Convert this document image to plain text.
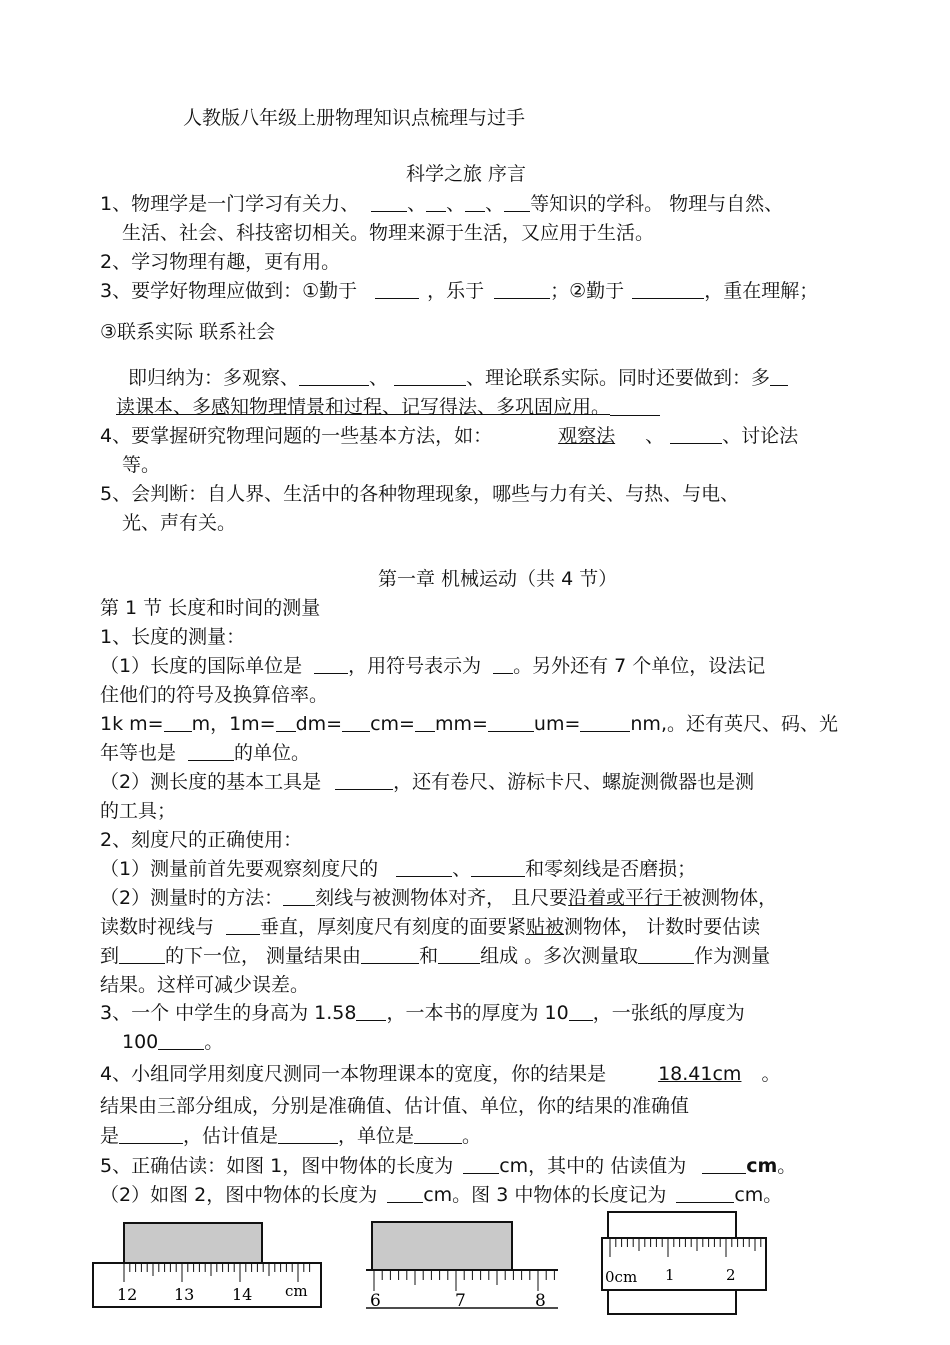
人教版八年级上册物理知识点梳理与过手
科学之旅 序言
1、物理学是一门学习有关力、	、 、 、 等知识的学科。 物理与自然、
生活、社会、科技密切相关。物理来源于生活，又应用于生活。
2、学习物理有趣，更有用。
3、要学好物理应做到：①勤于	，乐于	；②勤于	，重在理解；
③联系实际 联系社会
即归纳为：多观察、	、	、理论联系实际。同时还要做到：多
读课本、多感知物理情景和过程、记写得法、多巩固应用。
4、要掌握研究物理问题的一些基本方法，如：	观察法 、	、讨论法
等。
5、会判断：自人界、生活中的各种物理现象，哪些与力有关、与热、与电、
光、声有关。
第一章 机械运动（共 4 节）
第 1 节 长度和时间的测量
1、长度的测量：
（1）长度的国际单位是 ，用符号表示为 。另外还有 7 个单位，设法记
住他们的符号及换算倍率。
1k m= m，1m= dm= cm= mm= um=	nm,。还有英尺、码、光
年等也是	的单位。
（2）测长度的基本工具是	，还有卷尺、游标卡尺、螺旋测微器也是测
的工具；
2、刻度尺的正确使用：
（1）测量前首先要观察刻度尺的	、	和零刻线是否磨损；
（2）测量时的方法： 刻线与被测物体对齐， 且尺要沿着或平行于被测物体，
读数时视线与 垂直，厚刻度尺有刻度的面要紧贴被测物体， 计数时要估读
到 的下一位， 测量结果由	和 组成 。多次测量取	作为测量
结果。这样可减少误差。
3、一个 中学生的身高为 1.58 ，一本书的厚度为 10 ，一张纸的厚度为
100 。
4、小组同学用刻度尺测同一本物理课本的宽度，你的结果是	18.41cm 。
结果由三部分组成，分别是准确值、估计值、单位，你的结果的准确值
是	，估计值是	，单位是	。
5、正确估读：如图 1，图中物体的长度为 cm，其中的 估读值为	cm。
（2）如图 2，图中物体的长度为 cm。图 3 中物体的长度记为	cm。
12 13 14 cm	6	7	8
0cm 1	2
